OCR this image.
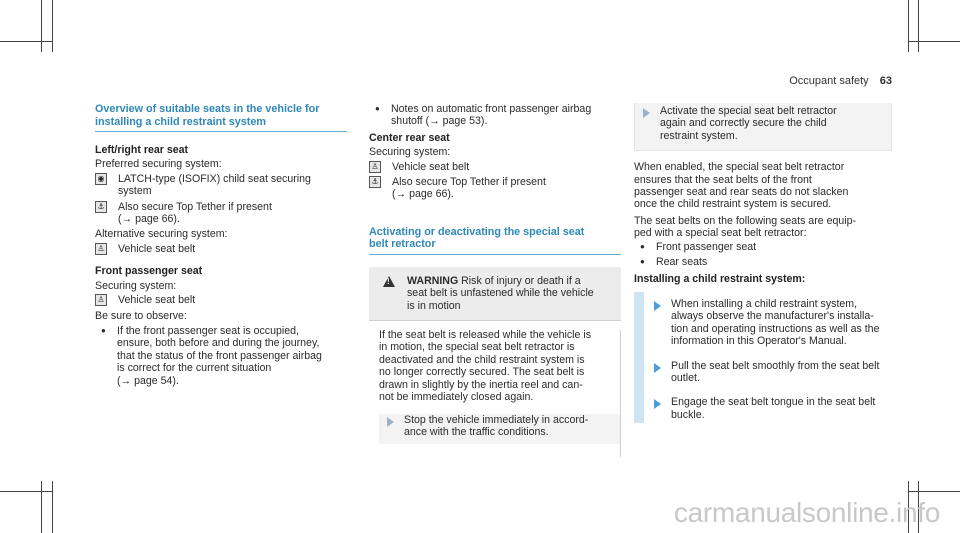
Occupant safety 63
Overview of suitable seats in the vehicle for
installing a child restraint system
Left/right rear seat

Preferred securing system:

◉ LATCH-type (ISOFIX) child seat securing
system
⚓ Also secure Top Tether if present
(→ page 66).

Alternative securing system:

♙ Vehicle seat belt
Front passenger seat

Securing system:

♙ Vehicle seat belt

Be sure to observe:

●	If the front passenger seat is occupied,
ensure, both before and during the journey,
that the status of the front passenger airbag
is correct for the current situation
(→ page 54).
●	Notes on automatic front passenger airbag
shutoff (→ page 53).
Center rear seat

Securing system:

♙ Vehicle seat belt
⚓ Also secure Top Tether if present
(→ page 66).
Activating or deactivating the special seat
belt retractor
!
WARNING Risk of injury or death if a
seat belt is unfastened while the vehicle
is in motion
If the seat belt is released while the vehicle is
in motion, the special seat belt retractor is
deactivated and the child restraint system is
no longer correctly secured. The seat belt is
drawn in slightly by the inertia reel and can-
not be immediately closed again.
Stop the vehicle immediately in accord-
ance with the traffic conditions.
Activate the special seat belt retractor
again and correctly secure the child
restraint system.
When enabled, the special seat belt retractor
ensures that the seat belts of the front
passenger seat and rear seats do not slacken
once the child restraint system is secured.
The seat belts on the following seats are equip-
ped with a special seat belt retractor:
●	Front passenger seat
●	Rear seats
Installing a child restraint system:
When installing a child restraint system,
always observe the manufacturer's installa-
tion and operating instructions as well as the
information in this Operator's Manual.
Pull the seat belt smoothly from the seat belt
outlet.
Engage the seat belt tongue in the seat belt
buckle.
carmanualsonline.info
